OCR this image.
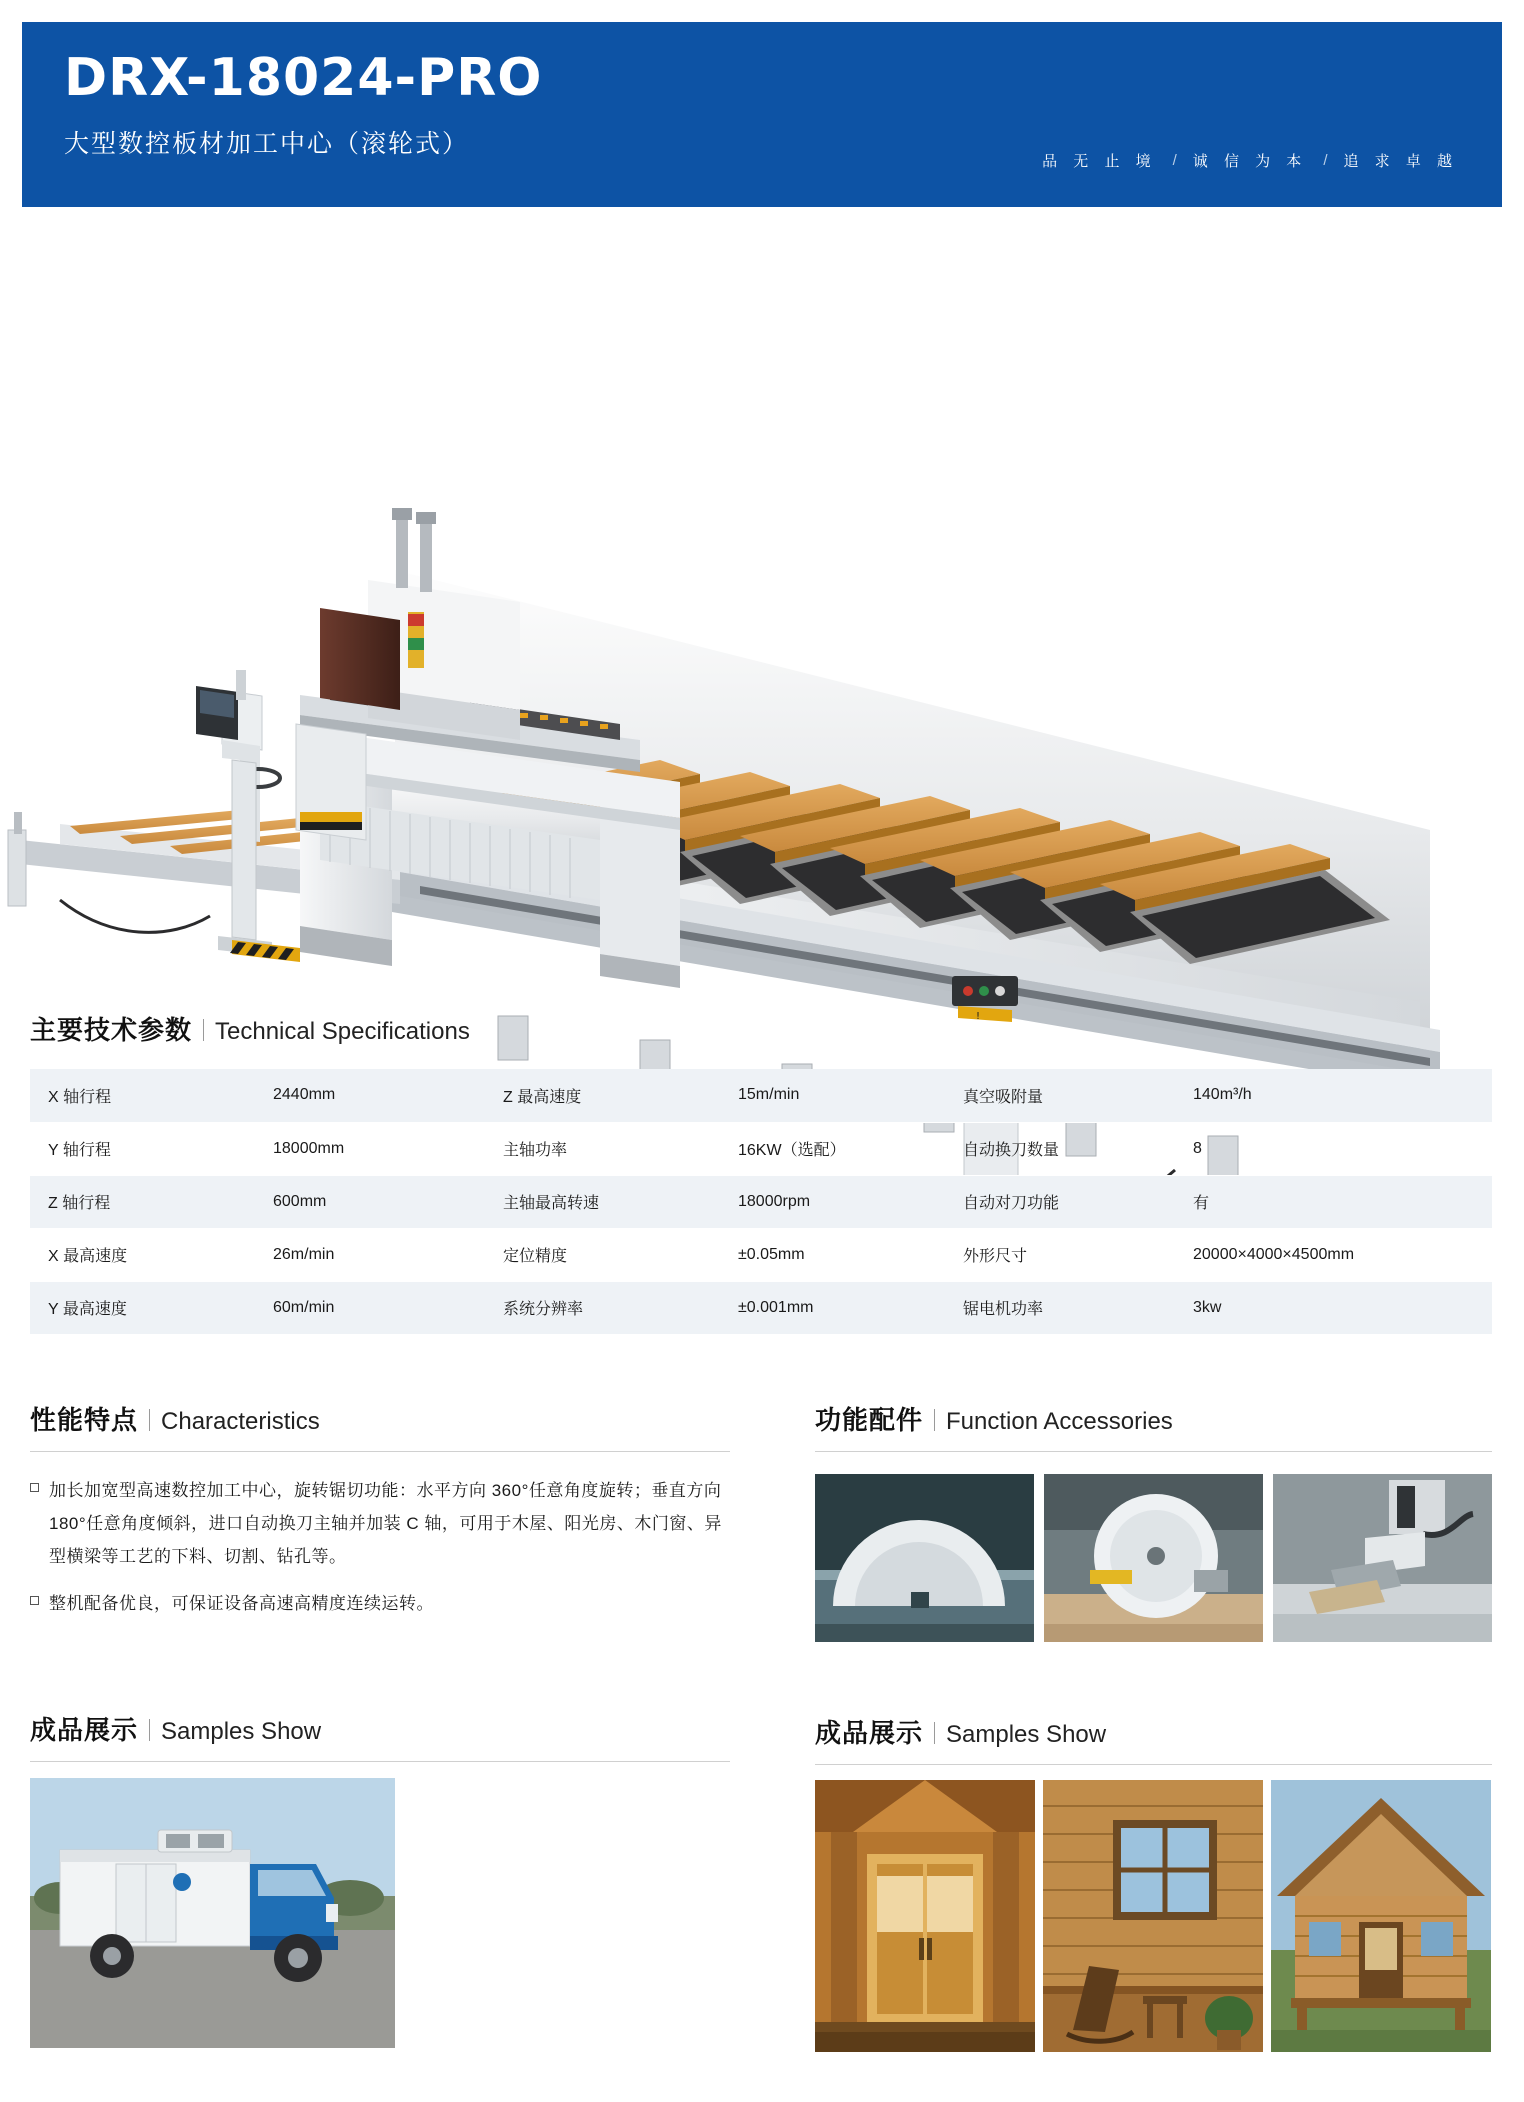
DRX-18024-PRO
大型数控板材加工中心（滚轮式）
品 无 止 境 / 诚 信 为 本 / 追 求 卓 越
!
主要技术参数 Technical Specifications
X 轴行程	2440mm	Z 最高速度	15m/min	真空吸附量	140m³/h
Y 轴行程	18000mm	主轴功率	16KW（选配）	自动换刀数量	8
Z 轴行程	600mm	主轴最高转速	18000rpm	自动对刀功能	有
X 最高速度	26m/min	定位精度	±0.05mm	外形尺寸	20000×4000×4500mm
Y 最高速度	60m/min	系统分辨率	±0.001mm	锯电机功率	3kw
性能特点 Characteristics
加长加宽型高速数控加工中心，旋转锯切功能：水平方向 360°任意角度旋转；垂直方向 180°任意角度倾斜，进口自动换刀主轴并加装 C 轴，可用于木屋、阳光房、木门窗、异型横梁等工艺的下料、切割、钻孔等。
整机配备优良，可保证设备高速高精度连续运转。
功能配件 Function Accessories
成品展示 Samples Show	成品展示 Samples Show
